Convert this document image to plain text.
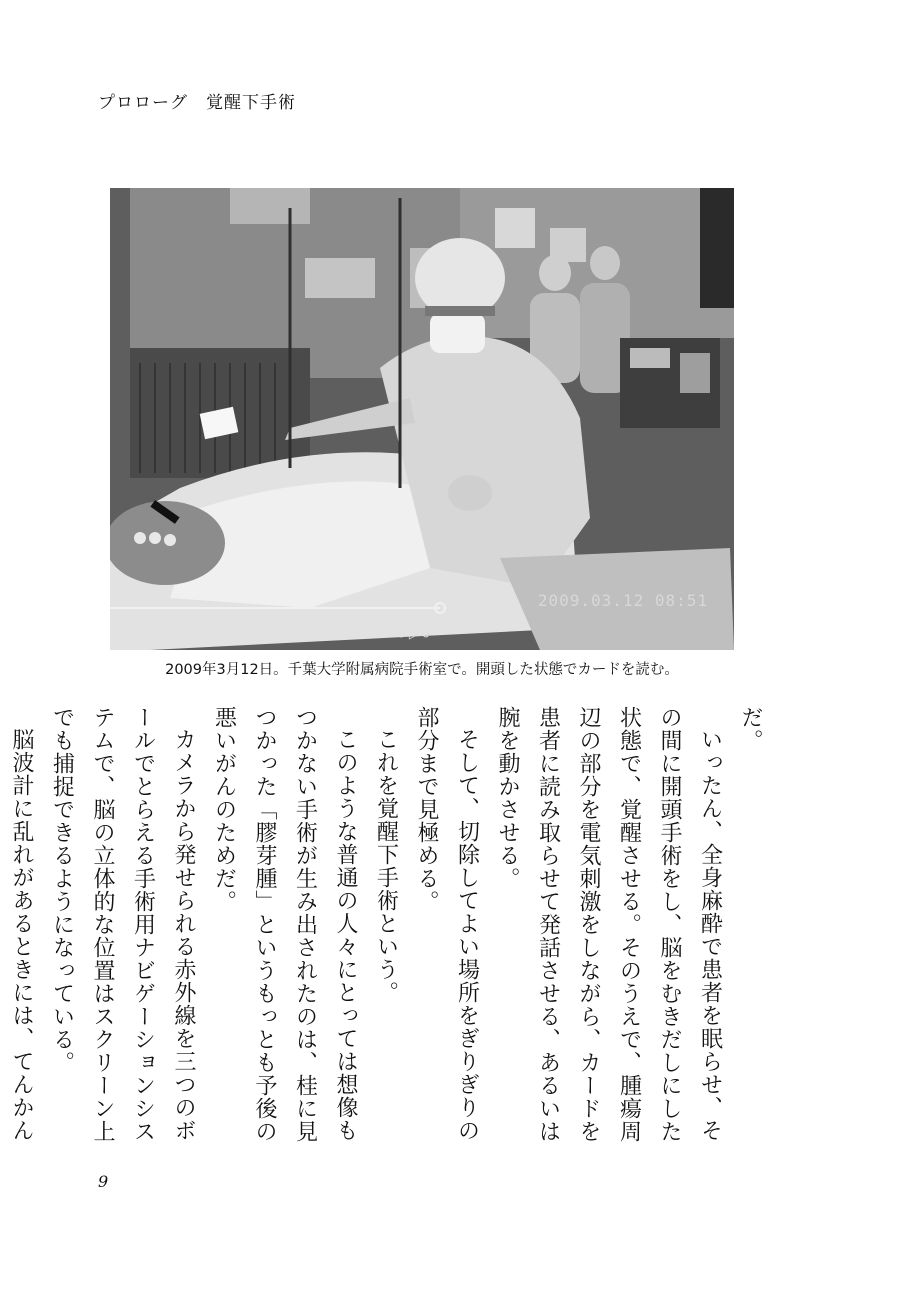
プロローグ　覚醒下手術
⟲ ▷ ⟳
2009.03.12 08:51
2009年3月12日。千葉大学附属病院手術室で。開頭した状態でカードを読む。

だ。

いったん、全身麻酔で患者を眠らせ、その間に開頭手術をし、脳をむきだしにした状態で、覚醒させる。そのうえで、腫瘍周辺の部分を電気刺激をしながら、カードを患者に読み取らせて発話させる、あるいは腕を動かさせる。

そして、切除してよい場所をぎりぎりの部分まで見極める。

これを覚醒下手術という。

このような普通の人々にとっては想像もつかない手術が生み出されたのは、桂に見つかった「膠芽腫」というもっとも予後の悪いがんのためだ。

カメラから発せられる赤外線を三つのボールでとらえる手術用ナビゲーションシステムで、脳の立体的な位置はスクリーン上でも捕捉できるようになっている。

脳波計に乱れがあるときには、てんかん

9
